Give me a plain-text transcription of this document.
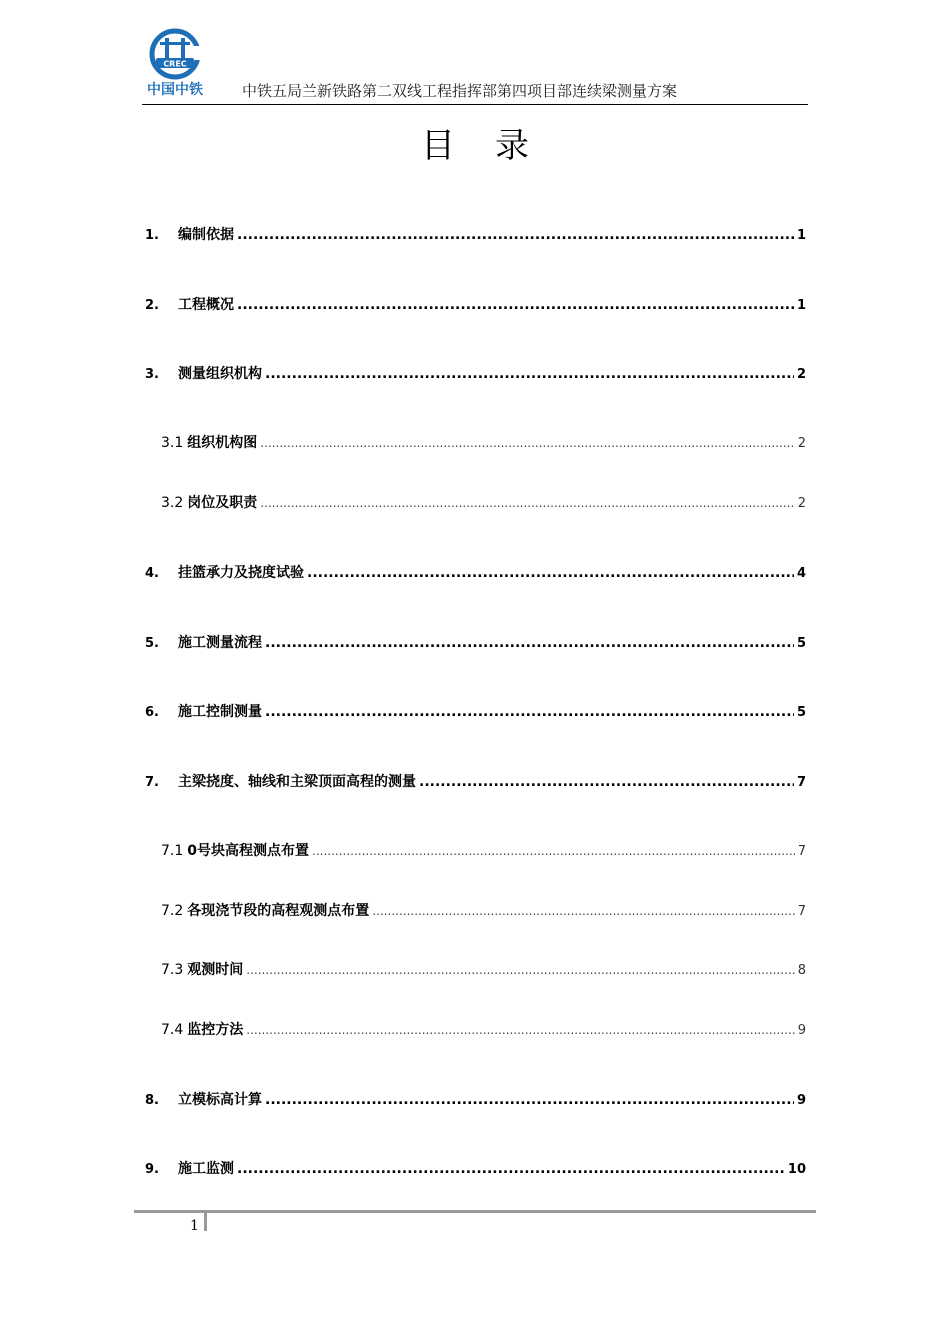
CREC
中国中铁	中铁五局兰新铁路第二双线工程指挥部第四项目部连续梁测量方案
目录
1.	编制依据 .....	1
2.	工程概况 .....	1
3.	测量组织机构 .....	2
3.1 组织机构图 .....	2
3.2 岗位及职责 .....	2
4.	挂篮承力及挠度试验 .....	4
5.	施工测量流程 .....	5
6.	施工控制测量 .....	5
7.	主梁挠度、轴线和主梁顶面高程的测量 .....	7
7.1 0号块高程测点布置 .....	7
7.2 各现浇节段的高程观测点布置 .....	7
7.3 观测时间 .....	8
7.4 监控方法 .....	9
8.	立模标高计算 .....	9
9.	施工监测 .....	10
1
